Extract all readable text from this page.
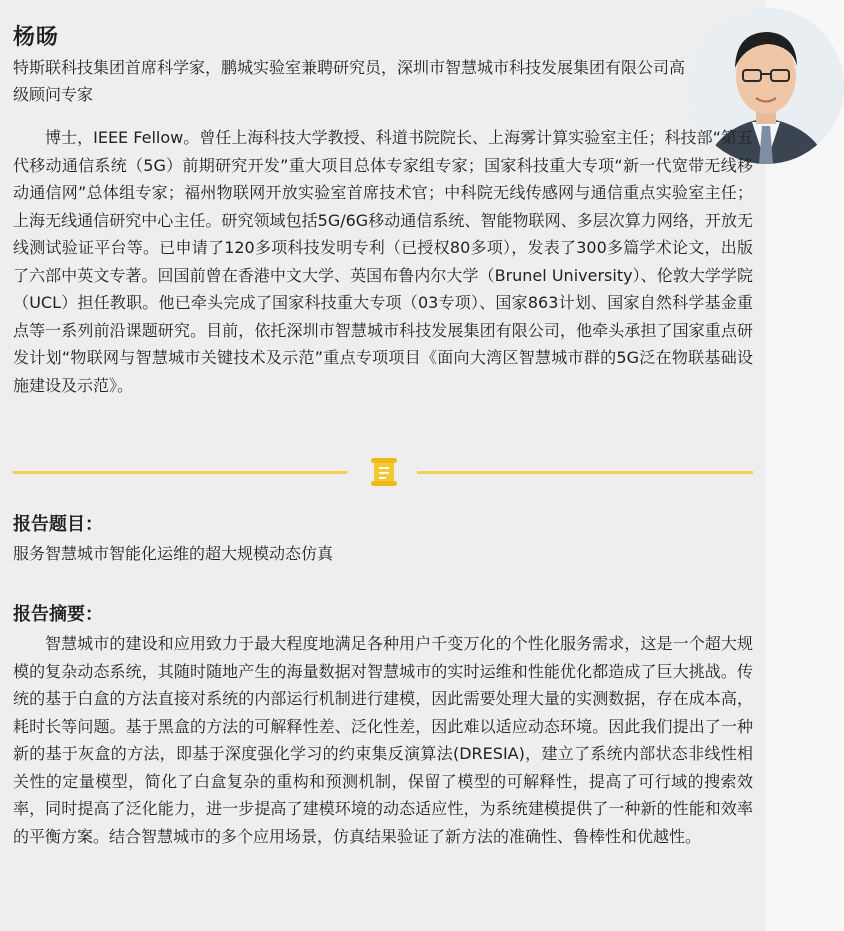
杨旸
特斯联科技集团首席科学家，鹏城实验室兼聘研究员，深圳市智慧城市科技发展集团有限公司高级顾问专家
博士，IEEE Fellow。曾任上海科技大学教授、科道书院院长、上海雾计算实验室主任；科技部“第五代移动通信系统（5G）前期研究开发”重大项目总体专家组专家；国家科技重大专项“新一代宽带无线移动通信网”总体组专家；福州物联网开放实验室首席技术官；中科院无线传感网与通信重点实验室主任；上海无线通信研究中心主任。研究领域包括5G/6G移动通信系统、智能物联网、多层次算力网络，开放无线测试验证平台等。已申请了120多项科技发明专利（已授权80多项），发表了300多篇学术论文，出版了六部中英文专著。回国前曾在香港中文大学、英国布鲁内尔大学（Brunel University）、伦敦大学学院（UCL）担任教职。他已牵头完成了国家科技重大专项（03专项）、国家863计划、国家自然科学基金重点等一系列前沿课题研究。目前，依托深圳市智慧城市科技发展集团有限公司，他牵头承担了国家重点研发计划“物联网与智慧城市关键技术及示范”重点专项项目《面向大湾区智慧城市群的5G泛在物联基础设施建设及示范》。
报告题目：
服务智慧城市智能化运维的超大规模动态仿真
报告摘要：
智慧城市的建设和应用致力于最大程度地满足各种用户千变万化的个性化服务需求，这是一个超大规模的复杂动态系统，其随时随地产生的海量数据对智慧城市的实时运维和性能优化都造成了巨大挑战。传统的基于白盒的方法直接对系统的内部运行机制进行建模，因此需要处理大量的实测数据，存在成本高，耗时长等问题。基于黑盒的方法的可解释性差、泛化性差，因此难以适应动态环境。因此我们提出了一种新的基于灰盒的方法，即基于深度强化学习的约束集反演算法(DRESIA)，建立了系统内部状态非线性相关性的定量模型，简化了白盒复杂的重构和预测机制，保留了模型的可解释性，提高了可行域的搜索效率，同时提高了泛化能力，进一步提高了建模环境的动态适应性，为系统建模提供了一种新的性能和效率的平衡方案。结合智慧城市的多个应用场景，仿真结果验证了新方法的准确性、鲁棒性和优越性。
